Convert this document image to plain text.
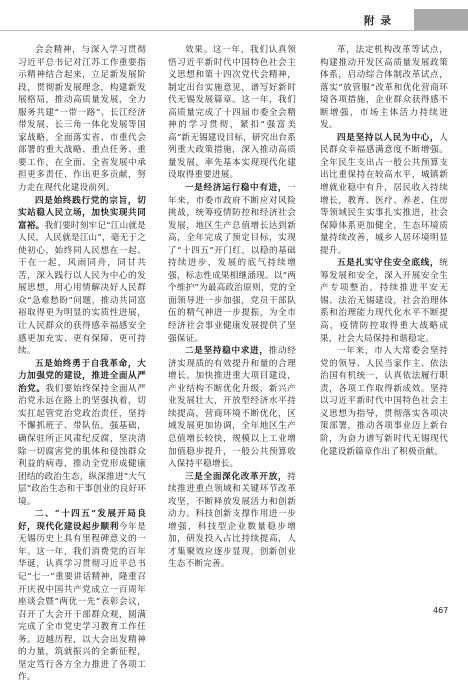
附录

会会精神，与深入学习贯彻习近平总书记对江苏工作重要指示精神结合起来，立足新发展阶段，贯彻新发展理念，构建新发展格局，推动高质量发展，全力服务共建“一带一路”、长江经济带发展、长三角一体化发展等国家战略，全面落实省、市重代会部署的重大战略、重点任务、重要工作，在全面、全省发展中承担更多责任、作出更多贡献，努力走在现代化建设前列。

四是始终践行党的宗旨，切实站稳人民立场，加快实现共同富裕。我们要时刻牢记“江山就是人民，人民就是江山”，毫无于之使初心，始终同人民想在一起、干在一起，风雨同舟，同甘共苦，深入践行以人民为中心的发展思想，用心用情解决好人民群众“急难愁盼”问题，推动共同富裕取得更为明显的实质性进展，让人民群众的获得感幸福感安全感更加充实、更有保障、更可持续。

五是始终勇于自我革命，大力加强党的建设，推进全面从严治党。我们要始终保持全面从严治党永远在路上的坚强执着，切实扛起管党治党政治责任，坚持不懈抓班子、带队伍，强基础，确保驻所正风肃纪反腐，坚决清除一切腐害党的肌体和侵蚀群众利益的病毒，推动全党形成健康团结的政治生态，纵深推进“大气层”政治生态和干事创业的良好环境。

二、“十四五”发展开局良好，现代化建设起步顺利今年是无锡历史上具有里程碑意义的一年。这一年，我们消费党的百年华诞，认真学习贯彻习近平总书记“七一”重要讲话精神，隆重召开庆祝中国共产党成立一百周年座谈会暨“两优一先”表彰会议，召开了大会开干部群众观，圆满完成了全市党史学习教育工作任务。迈越历程，以大会出发精神的力量，筑就振兴的全新征程，坚定笃行各方全力推进了各项工作。

效果。这一年，我们认真领悟习近平新时代中国特色社会主义思想和第十四次党代会精神，制定出台实施意见，谱写好新时代无锡发展篇章。这一年，我们高质量完成了十四届市委全会精神的学习贯彻，紧扣“强富美高”新无锡建设目标，研究出台系列重大政策措施，深入推动高质量发展，率先基本实现现代化建设取得重要进展。

一是经济运行稳中有进，一年来，市委市政府不断应对风险挑战，统筹疫情防控和经济社会发展，地区生产总值增长达到新高，全年完成了预定目标，实现了“十四五”开门红，以稳的基础持续进步，发展的底气持续增强，标志性成果相继涌现。以“两个维护”为最高政治原则，党的全面领导进一步加强，党员干部队伍的精气神进一步提振，为全市经济社会事业健康发展提供了坚强保证。

二是坚持稳中求进，推动经济实现质的有效提升和量的合理增长。加快推进重大项目建设，产业结构不断优化升级，新兴产业发展壮大，开放型经济水平持续提高，营商环境不断优化，区域发展更加协调，全年地区生产总值增长较快，规模以上工业增加值稳步提升，一般公共预算收入保持平稳增长。

三是全面深化改革开放，持续推进重点领域和关键环节改革攻坚，不断释放发展活力和创新动力。科技创新支撑作用进一步增强，科技型企业数量稳步增加，研发投入占比持续提高，人才集聚效应逐步显现，创新创业生态不断完善。

革，法定机构改革等试点，构建推动开发区高质量发展政策体系，启动综合体制改革试点，落实“放管服”改革和优化营商环境各项措施，企业群众获得感不断增强，市场主体活力持续迸发。

四是坚持以人民为中心，人民群众幸福感满意度不断增强。全年民生支出占一般公共预算支出比重保持在较高水平，城镇新增就业稳中有升，居民收入持续增长，教育、医疗、养老、住房等领域民生实事扎实推进，社会保障体系更加健全，生态环境质量持续改善，城乡人居环境明显提升。

五是扎实守住安全底线，统筹发展和安全，深入开展安全生产专项整治，持续推进平安无锡、法治无锡建设，社会治理体系和治理能力现代化水平不断提高，疫情防控取得重大战略成果，社会大局保持和谐稳定。

一年来，市人大常委会坚持党的领导、人民当家作主、依法治国有机统一，认真依法履行职责，各项工作取得新成效。坚持以习近平新时代中国特色社会主义思想为指导，贯彻落实各项决策部署，推动各项事业迈上新台阶，为奋力谱写新时代无锡现代化建设新篇章作出了积极贡献。

467
